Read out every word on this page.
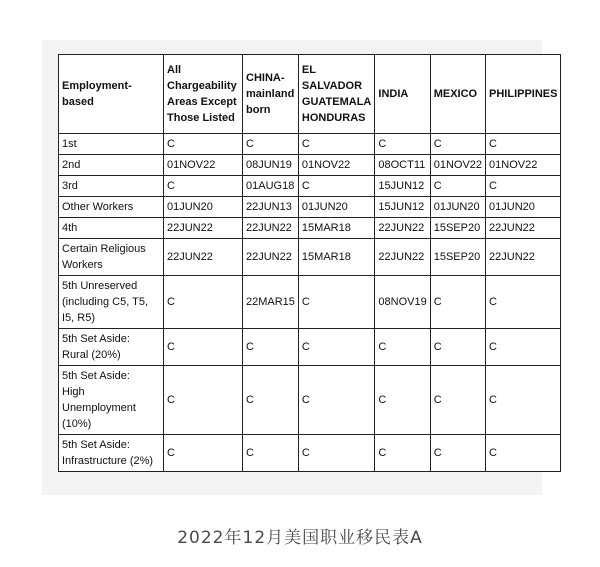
Employment-
based	All
Chargeability
Areas Except
Those Listed	CHINA-
mainland
born	EL
SALVADOR
GUATEMALA
HONDURAS	INDIA	MEXICO	PHILIPPINES
1st	C	C	C	C	C	C
2nd	01NOV22	08JUN19	01NOV22	08OCT11	01NOV22	01NOV22
3rd	C	01AUG18	C	15JUN12	C	C
Other Workers	01JUN20	22JUN13	01JUN20	15JUN12	01JUN20	01JUN20
4th	22JUN22	22JUN22	15MAR18	22JUN22	15SEP20	22JUN22
Certain Religious
Workers	22JUN22	22JUN22	15MAR18	22JUN22	15SEP20	22JUN22
5th Unreserved
(including C5, T5,
I5, R5)	C	22MAR15	C	08NOV19	C	C
5th Set Aside:
Rural (20%)	C	C	C	C	C	C
5th Set Aside:
High
Unemployment
(10%)	C	C	C	C	C	C
5th Set Aside:
Infrastructure (2%)	C	C	C	C	C	C
2022年12月美国职业移民表A
